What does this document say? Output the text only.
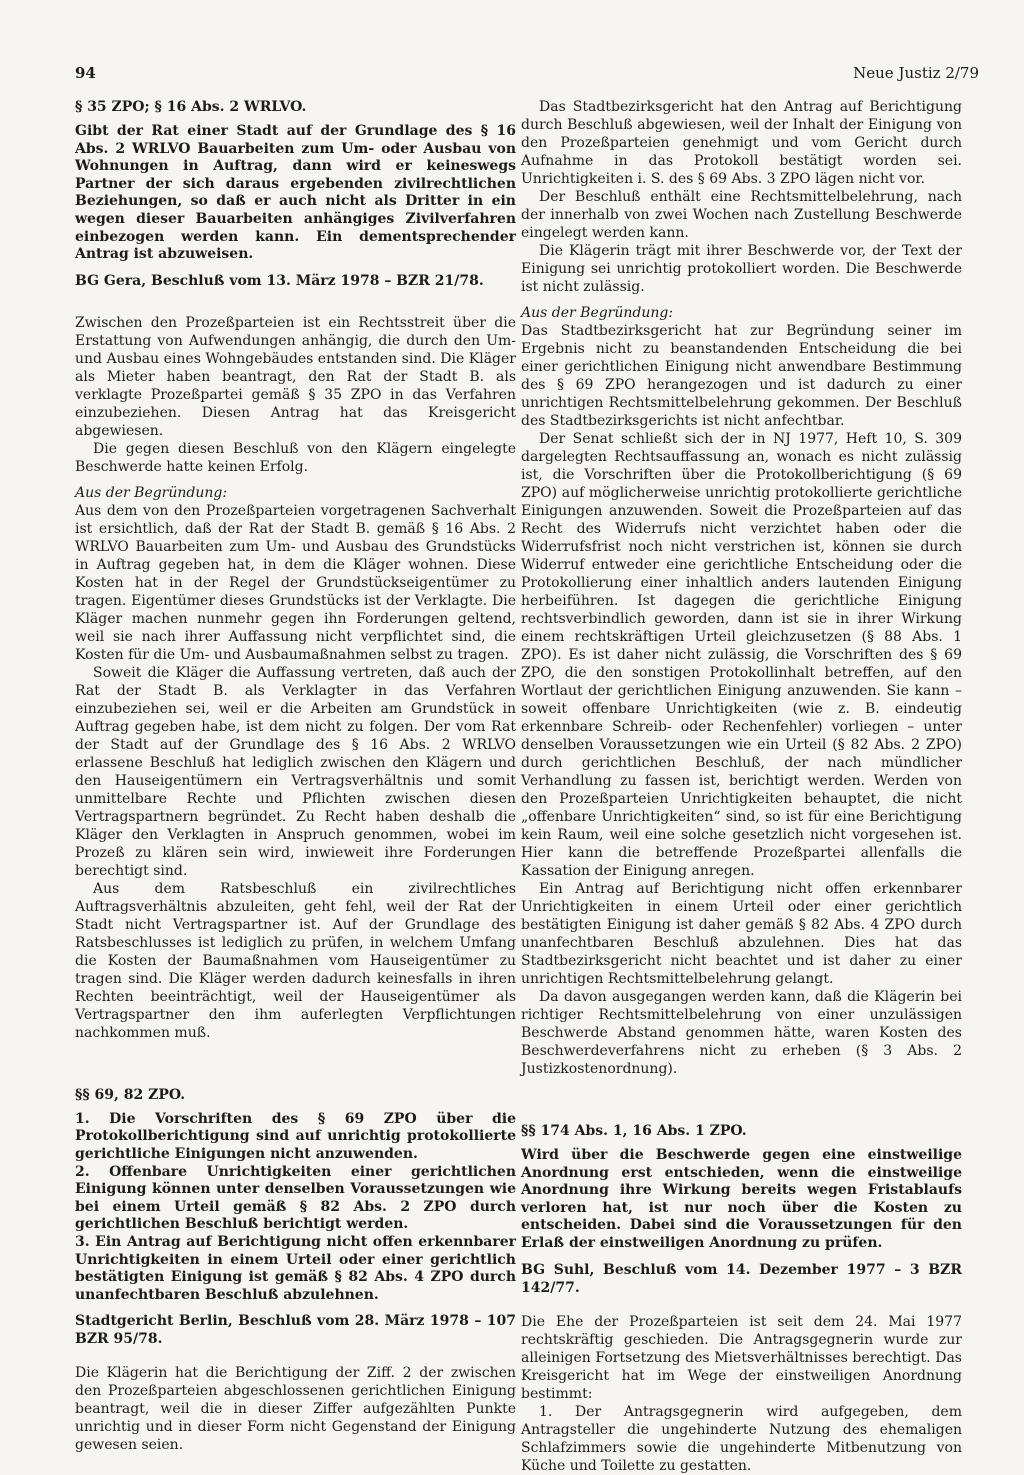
94	Neue Justiz 2/79

§ 35 ZPO; § 16 Abs. 2 WRLVO.

Gibt der Rat einer Stadt auf der Grundlage des § 16 Abs. 2 WRLVO Bauarbeiten zum Um- oder Ausbau von Wohnungen in Auftrag, dann wird er keineswegs Partner der sich daraus ergebenden zivilrechtlichen Beziehungen, so daß er auch nicht als Dritter in ein wegen dieser Bauarbeiten anhängiges Zivilverfahren einbezogen werden kann. Ein dementsprechender Antrag ist abzuweisen.

BG Gera, Beschluß vom 13. März 1978 – BZR 21/78.

Zwischen den Prozeßparteien ist ein Rechtsstreit über die Erstattung von Aufwendungen anhängig, die durch den Um- und Ausbau eines Wohngebäudes entstanden sind. Die Kläger als Mieter haben beantragt, den Rat der Stadt B. als verklagte Prozeßpartei gemäß § 35 ZPO in das Verfahren einzubeziehen. Diesen Antrag hat das Kreisgericht abgewiesen.

Die gegen diesen Beschluß von den Klägern eingelegte Beschwerde hatte keinen Erfolg.

Aus der Begründung:

Aus dem von den Prozeßparteien vorgetragenen Sachverhalt ist ersichtlich, daß der Rat der Stadt B. gemäß § 16 Abs. 2 WRLVO Bauarbeiten zum Um- und Ausbau des Grundstücks in Auftrag gegeben hat, in dem die Kläger wohnen. Diese Kosten hat in der Regel der Grundstückseigentümer zu tragen. Eigentümer dieses Grundstücks ist der Verklagte. Die Kläger machen nunmehr gegen ihn Forderungen geltend, weil sie nach ihrer Auffassung nicht verpflichtet sind, die Kosten für die Um- und Ausbaumaßnahmen selbst zu tragen.

Soweit die Kläger die Auffassung vertreten, daß auch der Rat der Stadt B. als Verklagter in das Verfahren einzubeziehen sei, weil er die Arbeiten am Grundstück in Auftrag gegeben habe, ist dem nicht zu folgen. Der vom Rat der Stadt auf der Grundlage des § 16 Abs. 2 WRLVO erlassene Beschluß hat lediglich zwischen den Klägern und den Hauseigentümern ein Vertragsverhältnis und somit unmittelbare Rechte und Pflichten zwischen diesen Vertragspartnern begründet. Zu Recht haben deshalb die Kläger den Verklagten in Anspruch genommen, wobei im Prozeß zu klären sein wird, inwieweit ihre Forderungen berechtigt sind.

Aus dem Ratsbeschluß ein zivilrechtliches Auftragsverhältnis abzuleiten, geht fehl, weil der Rat der Stadt nicht Vertragspartner ist. Auf der Grundlage des Ratsbeschlusses ist lediglich zu prüfen, in welchem Umfang die Kosten der Baumaßnahmen vom Hauseigentümer zu tragen sind. Die Kläger werden dadurch keinesfalls in ihren Rechten beeinträchtigt, weil der Hauseigentümer als Vertragspartner den ihm auferlegten Verpflichtungen nachkommen muß.

§§ 69, 82 ZPO.

1. Die Vorschriften des § 69 ZPO über die Protokollberichtigung sind auf unrichtig protokollierte gerichtliche Einigungen nicht anzuwenden.

2. Offenbare Unrichtigkeiten einer gerichtlichen Einigung können unter denselben Voraussetzungen wie bei einem Urteil gemäß § 82 Abs. 2 ZPO durch gerichtlichen Beschluß berichtigt werden.

3. Ein Antrag auf Berichtigung nicht offen erkennbarer Unrichtigkeiten in einem Urteil oder einer gerichtlich bestätigten Einigung ist gemäß § 82 Abs. 4 ZPO durch unanfechtbaren Beschluß abzulehnen.

Stadtgericht Berlin, Beschluß vom 28. März 1978 – 107 BZR 95/78.

Die Klägerin hat die Berichtigung der Ziff. 2 der zwischen den Prozeßparteien abgeschlossenen gerichtlichen Einigung beantragt, weil die in dieser Ziffer aufgezählten Punkte unrichtig und in dieser Form nicht Gegenstand der Einigung gewesen seien.

Das Stadtbezirksgericht hat den Antrag auf Berichtigung durch Beschluß abgewiesen, weil der Inhalt der Einigung von den Prozeßparteien genehmigt und vom Gericht durch Aufnahme in das Protokoll bestätigt worden sei. Unrichtigkeiten i. S. des § 69 Abs. 3 ZPO lägen nicht vor.

Der Beschluß enthält eine Rechtsmittelbelehrung, nach der innerhalb von zwei Wochen nach Zustellung Beschwerde eingelegt werden kann.

Die Klägerin trägt mit ihrer Beschwerde vor, der Text der Einigung sei unrichtig protokolliert worden. Die Beschwerde ist nicht zulässig.

Aus der Begründung:

Das Stadtbezirksgericht hat zur Begründung seiner im Ergebnis nicht zu beanstandenden Entscheidung die bei einer gerichtlichen Einigung nicht anwendbare Bestimmung des § 69 ZPO herangezogen und ist dadurch zu einer unrichtigen Rechtsmittelbelehrung gekommen. Der Beschluß des Stadtbezirksgerichts ist nicht anfechtbar.

Der Senat schließt sich der in NJ 1977, Heft 10, S. 309 dargelegten Rechtsauffassung an, wonach es nicht zulässig ist, die Vorschriften über die Protokollberichtigung (§ 69 ZPO) auf möglicherweise unrichtig protokollierte gerichtliche Einigungen anzuwenden. Soweit die Prozeßparteien auf das Recht des Widerrufs nicht verzichtet haben oder die Widerrufsfrist noch nicht verstrichen ist, können sie durch Widerruf entweder eine gerichtliche Entscheidung oder die Protokollierung einer inhaltlich anders lautenden Einigung herbeiführen. Ist dagegen die gerichtliche Einigung rechtsverbindlich geworden, dann ist sie in ihrer Wirkung einem rechtskräftigen Urteil gleichzusetzen (§ 88 Abs. 1 ZPO). Es ist daher nicht zulässig, die Vorschriften des § 69 ZPO, die den sonstigen Protokollinhalt betreffen, auf den Wortlaut der gerichtlichen Einigung anzuwenden. Sie kann – soweit offenbare Unrichtigkeiten (wie z. B. eindeutig erkennbare Schreib- oder Rechenfehler) vorliegen – unter denselben Voraussetzungen wie ein Urteil (§ 82 Abs. 2 ZPO) durch gerichtlichen Beschluß, der nach mündlicher Verhandlung zu fassen ist, berichtigt werden. Werden von den Prozeßparteien Unrichtigkeiten behauptet, die nicht „offenbare Unrichtigkeiten“ sind, so ist für eine Berichtigung kein Raum, weil eine solche gesetzlich nicht vorgesehen ist. Hier kann die betreffende Prozeßpartei allenfalls die Kassation der Einigung anregen.

Ein Antrag auf Berichtigung nicht offen erkennbarer Unrichtigkeiten in einem Urteil oder einer gerichtlich bestätigten Einigung ist daher gemäß § 82 Abs. 4 ZPO durch unanfechtbaren Beschluß abzulehnen. Dies hat das Stadtbezirksgericht nicht beachtet und ist daher zu einer unrichtigen Rechtsmittelbelehrung gelangt.

Da davon ausgegangen werden kann, daß die Klägerin bei richtiger Rechtsmittelbelehrung von einer unzulässigen Beschwerde Abstand genommen hätte, waren Kosten des Beschwerdeverfahrens nicht zu erheben (§ 3 Abs. 2 Justizkostenordnung).

§§ 174 Abs. 1, 16 Abs. 1 ZPO.

Wird über die Beschwerde gegen eine einstweilige Anordnung erst entschieden, wenn die einstweilige Anordnung ihre Wirkung bereits wegen Fristablaufs verloren hat, ist nur noch über die Kosten zu entscheiden. Dabei sind die Voraussetzungen für den Erlaß der einstweiligen Anordnung zu prüfen.

BG Suhl, Beschluß vom 14. Dezember 1977 – 3 BZR 142/77.

Die Ehe der Prozeßparteien ist seit dem 24. Mai 1977 rechtskräftig geschieden. Die Antragsgegnerin wurde zur alleinigen Fortsetzung des Mietsverhältnisses berechtigt. Das Kreisgericht hat im Wege der einstweiligen Anordnung bestimmt:

1. Der Antragsgegnerin wird aufgegeben, dem Antragsteller die ungehinderte Nutzung des ehemaligen Schlafzimmers sowie die ungehinderte Mitbenutzung von Küche und Toilette zu gestatten.
